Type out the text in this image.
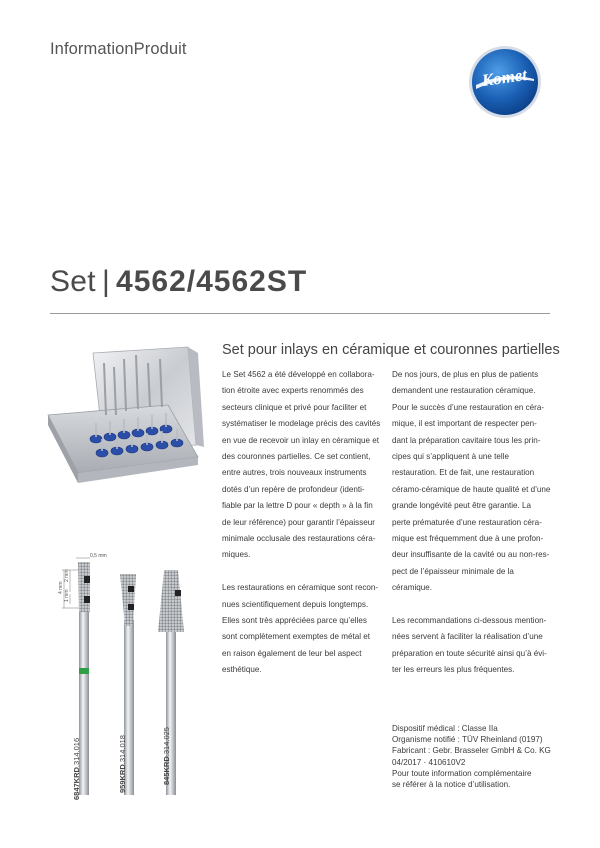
InformationProduit
Komet
Set | 4562/4562ST
Set pour inlays en céramique et couronnes partielles
0,5 mm
4 mm
2 mm
1 mm
6847KRD.314.016
959KRD.314.018
845KRD.314.025

Le Set 4562 a été développé en collabora-
tion étroite avec experts renommés des
secteurs clinique et privé pour faciliter et
systématiser le modelage précis des cavités
en vue de recevoir un inlay en céramique et
des couronnes partielles. Ce set contient,
entre autres, trois nouveaux instruments
dotés d’un repère de profondeur (identi-
fiable par la lettre D pour « depth » à la fin
de leur référence) pour garantir l’épaisseur
minimale occlusale des restaurations céra-
miques.

Les restaurations en céramique sont recon-
nues scientifiquement depuis longtemps.
Elles sont très appréciées parce qu’elles
sont complètement exemptes de métal et
en raison également de leur bel aspect
esthétique.

De nos jours, de plus en plus de patients
demandent une restauration céramique.
Pour le succès d’une restauration en céra-
mique, il est important de respecter pen-
dant la préparation cavitaire tous les prin-
cipes qui s’appliquent à une telle
restauration. Et de fait, une restauration
céramo-céramique de haute qualité et d’une
grande longévité peut être garantie. La
perte prématurée d’une restauration céra-
mique est fréquemment due à une profon-
deur insuffisante de la cavité ou au non-res-
pect de l’épaisseur minimale de la
céramique.

Les recommandations ci-dessous mention-
nées servent à faciliter la réalisation d’une
préparation en toute sécurité ainsi qu’à évi-
ter les erreurs les plus fréquentes.

Dispositif médical : Classe IIa
Organisme notifié : TÜV Rheinland (0197)
Fabricant : Gebr. Brasseler GmbH & Co. KG
04/2017 · 410610V2
Pour toute information complémentaire
se référer à la notice d’utilisation.
